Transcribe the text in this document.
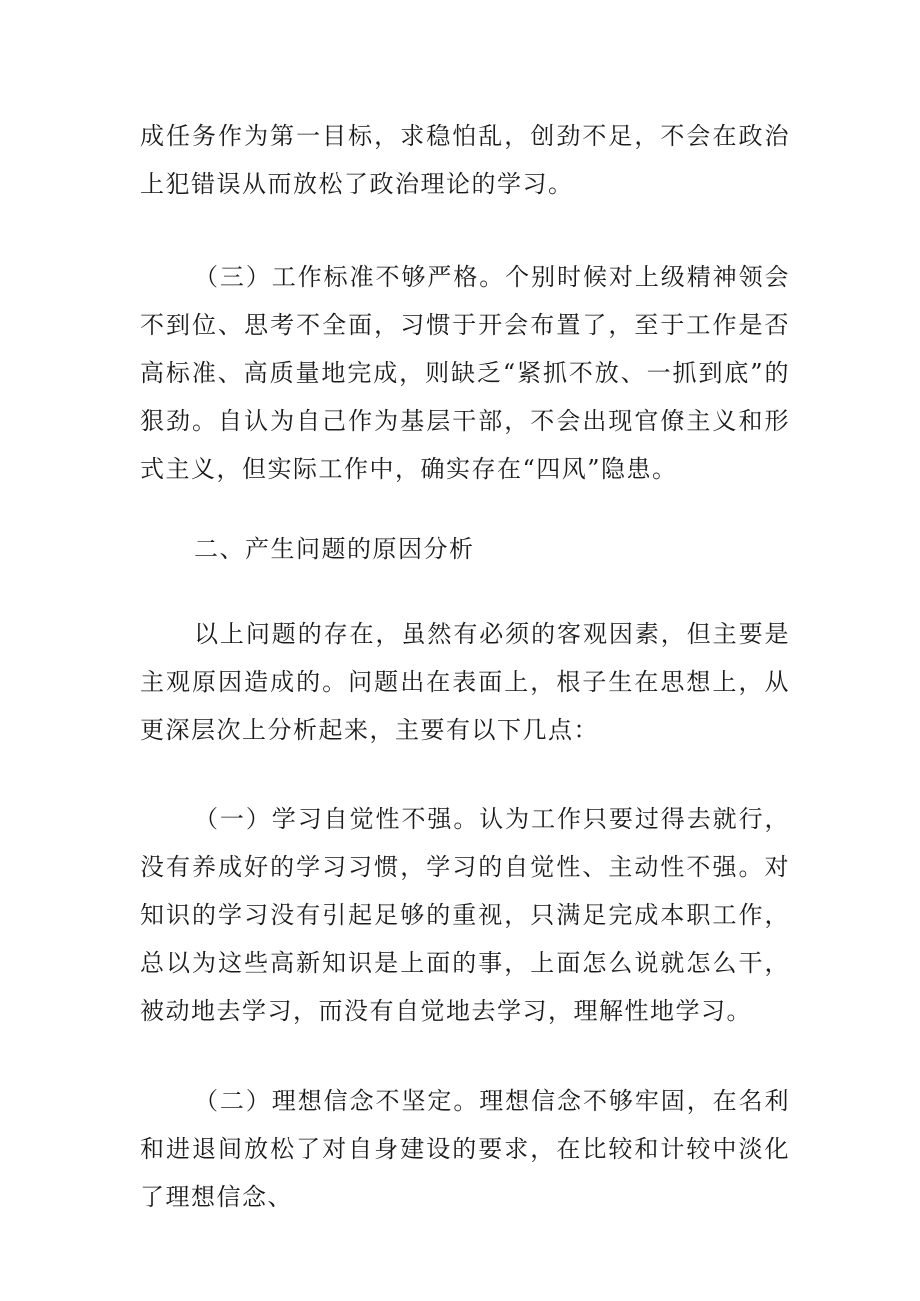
成任务作为第一目标，求稳怕乱，创劲不足，不会在政治上犯错误从而放松了政治理论的学习。

（三）工作标准不够严格。个别时候对上级精神领会不到位、思考不全面，习惯于开会布置了，至于工作是否高标准、高质量地完成，则缺乏“紧抓不放、一抓到底”的狠劲。自认为自己作为基层干部，不会出现官僚主义和形式主义，但实际工作中，确实存在“四风”隐患。

二、产生问题的原因分析

以上问题的存在，虽然有必须的客观因素，但主要是主观原因造成的。问题出在表面上，根子生在思想上，从更深层次上分析起来，主要有以下几点：

（一）学习自觉性不强。认为工作只要过得去就行，没有养成好的学习习惯，学习的自觉性、主动性不强。对知识的学习没有引起足够的重视，只满足完成本职工作，总以为这些高新知识是上面的事，上面怎么说就怎么干，被动地去学习，而没有自觉地去学习，理解性地学习。

（二）理想信念不坚定。理想信念不够牢固，在名利和进退间放松了对自身建设的要求，在比较和计较中淡化了理想信念、
